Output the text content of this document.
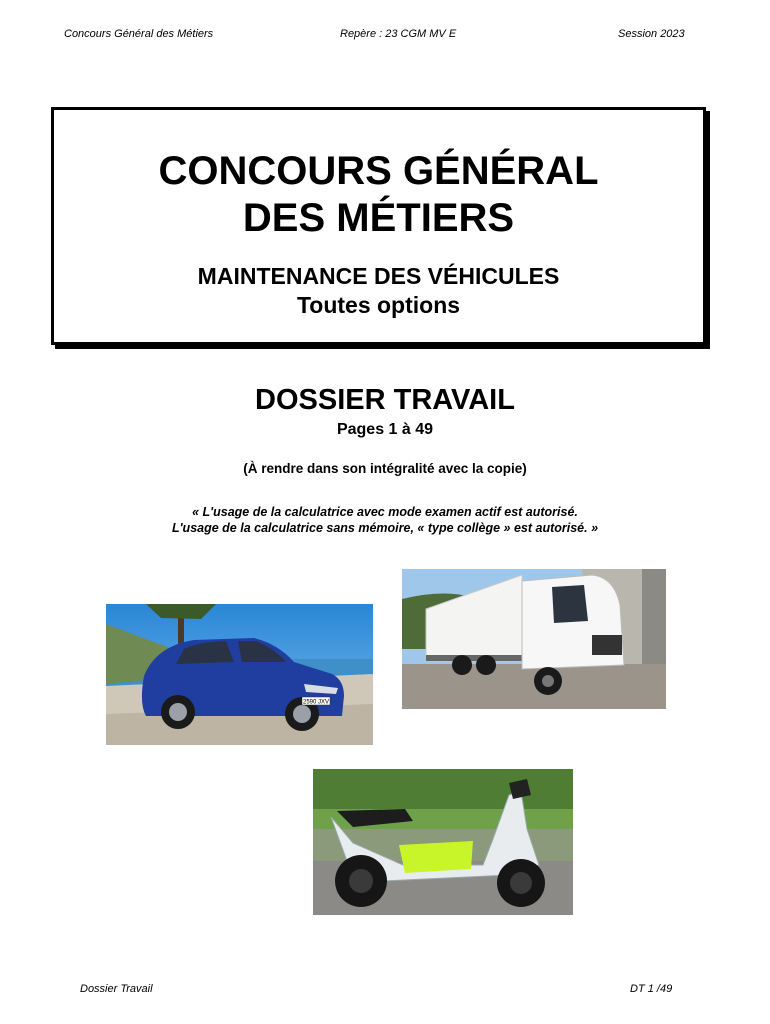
Concours Général des Métiers	Repère : 23 CGM MV E	Session 2023
CONCOURS GÉNÉRAL
DES MÉTIERS
MAINTENANCE DES VÉHICULES
Toutes options
DOSSIER TRAVAIL
Pages 1 à 49
(À rendre dans son intégralité avec la copie)
« L'usage de la calculatrice avec mode examen actif est autorisé.
L'usage de la calculatrice sans mémoire, « type collège » est autorisé. »
2590 JXV
Dossier Travail	DT 1 /49
